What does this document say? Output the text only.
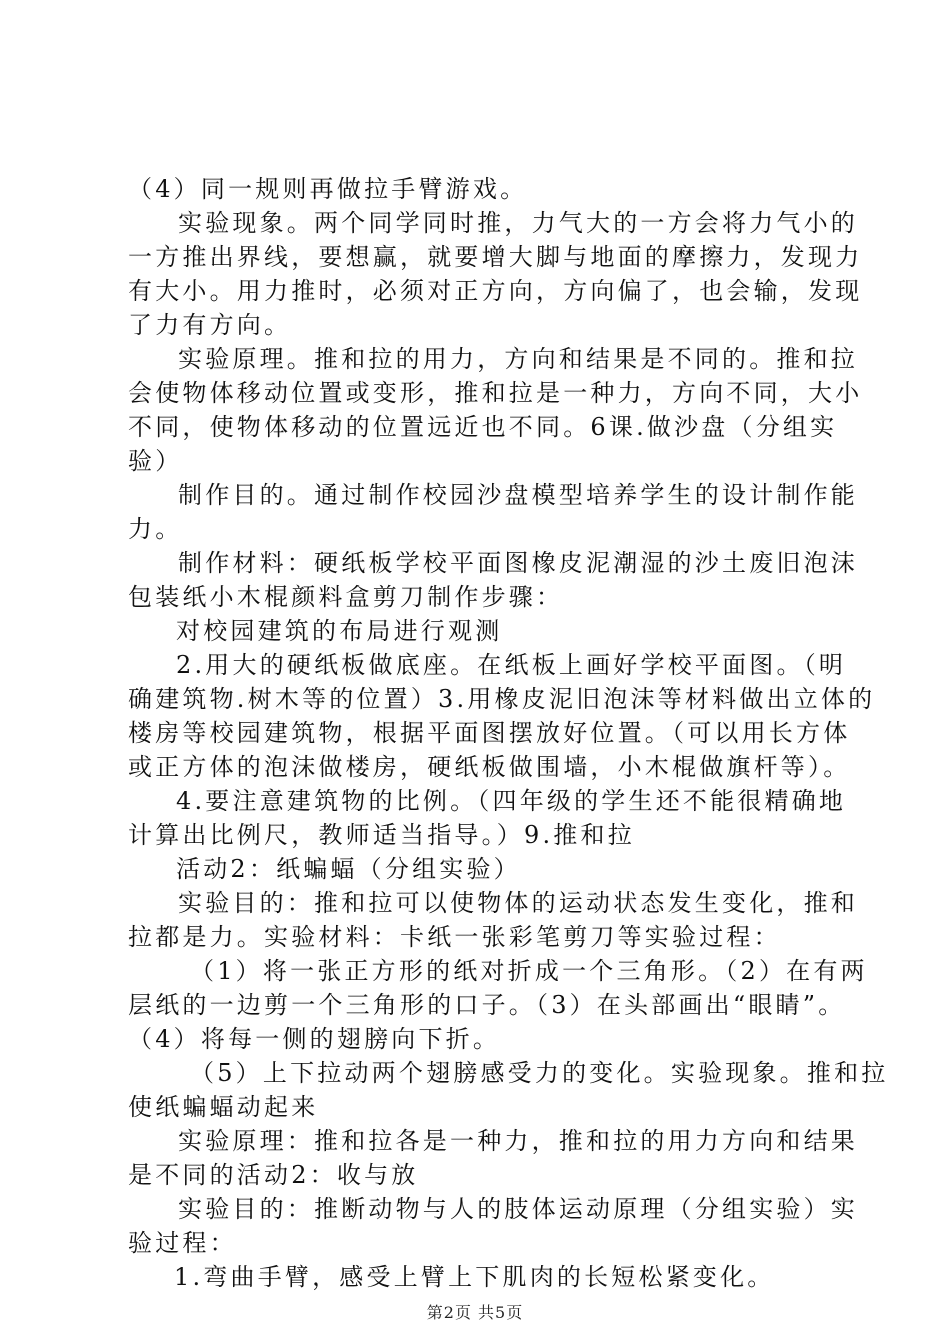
（4）同一规则再做拉手臂游戏。
实验现象。两个同学同时推，力气大的一方会将力气小的
一方推出界线，要想赢，就要增大脚与地面的摩擦力，发现力
有大小。用力推时，必须对正方向，方向偏了，也会输，发现
了力有方向。
实验原理。推和拉的用力，方向和结果是不同的。推和拉
会使物体移动位置或变形，推和拉是一种力，方向不同，大小
不同，使物体移动的位置远近也不同。6课.做沙盘（分组实
验）
制作目的。通过制作校园沙盘模型培养学生的设计制作能
力。
制作材料：硬纸板学校平面图橡皮泥潮湿的沙土废旧泡沫
包装纸小木棍颜料盒剪刀制作步骤：
对校园建筑的布局进行观测
2.用大的硬纸板做底座。在纸板上画好学校平面图。（明
确建筑物.树木等的位置）3.用橡皮泥旧泡沫等材料做出立体的
楼房等校园建筑物，根据平面图摆放好位置。（可以用长方体
或正方体的泡沫做楼房，硬纸板做围墙，小木棍做旗杆等）。
4.要注意建筑物的比例。（四年级的学生还不能很精确地
计算出比例尺，教师适当指导。）9.推和拉
活动2：纸蝙蝠（分组实验）
实验目的：推和拉可以使物体的运动状态发生变化，推和
拉都是力。实验材料：卡纸一张彩笔剪刀等实验过程：
（1）将一张正方形的纸对折成一个三角形。（2）在有两
层纸的一边剪一个三角形的口子。（3）在头部画出“眼睛”。
（4）将每一侧的翅膀向下折。
（5）上下拉动两个翅膀感受力的变化。实验现象。推和拉
使纸蝙蝠动起来
实验原理：推和拉各是一种力，推和拉的用力方向和结果
是不同的活动2：收与放
实验目的：推断动物与人的肢体运动原理（分组实验）实
验过程：
1.弯曲手臂，感受上臂上下肌肉的长短松紧变化。
第2页 共5页
